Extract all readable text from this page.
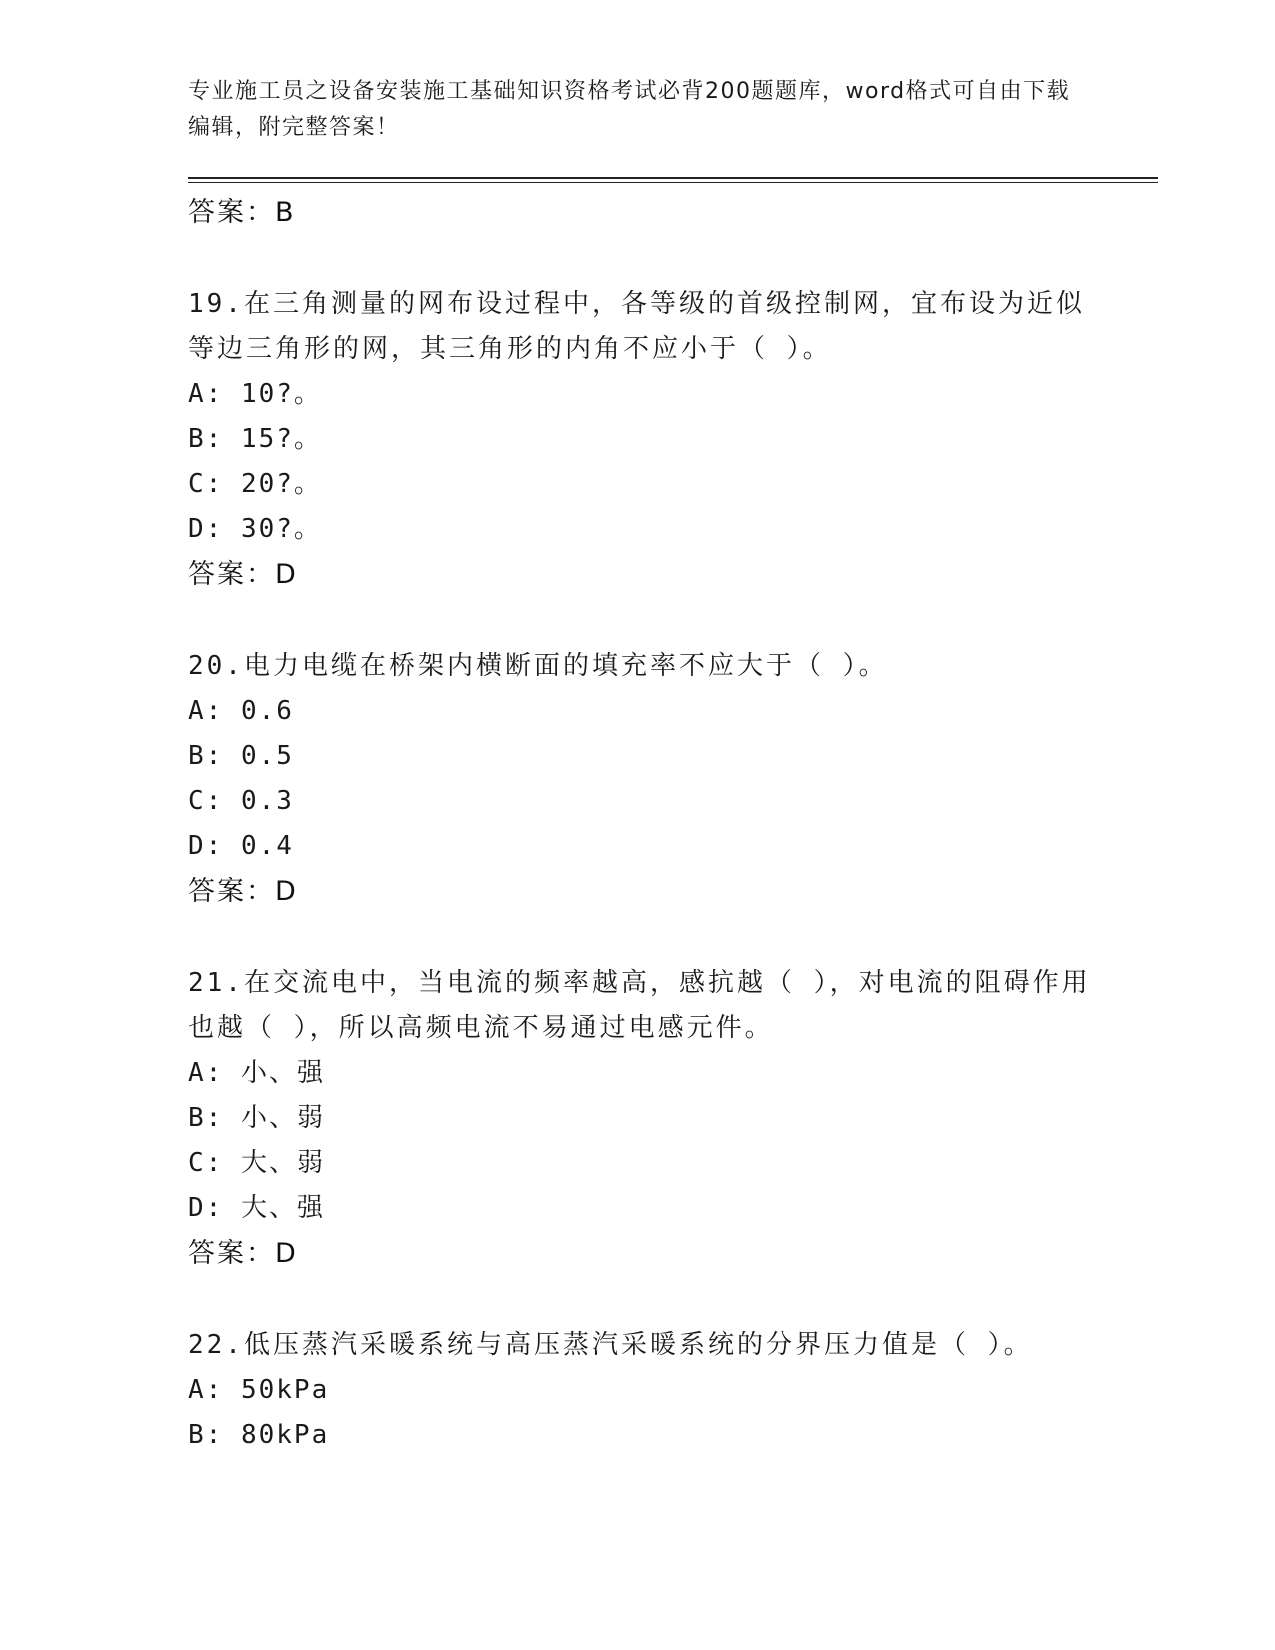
专业施工员之设备安装施工基础知识资格考试必背200题题库，word格式可自由下载编辑，附完整答案！
答案：B
19.在三角测量的网布设过程中，各等级的首级控制网，宜布设为近似等边三角形的网，其三角形的内角不应小于（ ）。
A: 10?。
B: 15?。
C: 20?。
D: 30?。
答案：D
20.电力电缆在桥架内横断面的填充率不应大于（ ）。
A: 0.6
B: 0.5
C: 0.3
D: 0.4
答案：D
21.在交流电中，当电流的频率越高，感抗越（ ），对电流的阻碍作用也越（ ），所以高频电流不易通过电感元件。
A: 小、强
B: 小、弱
C: 大、弱
D: 大、强
答案：D
22.低压蒸汽采暖系统与高压蒸汽采暖系统的分界压力值是（ ）。
A: 50kPa
B: 80kPa
